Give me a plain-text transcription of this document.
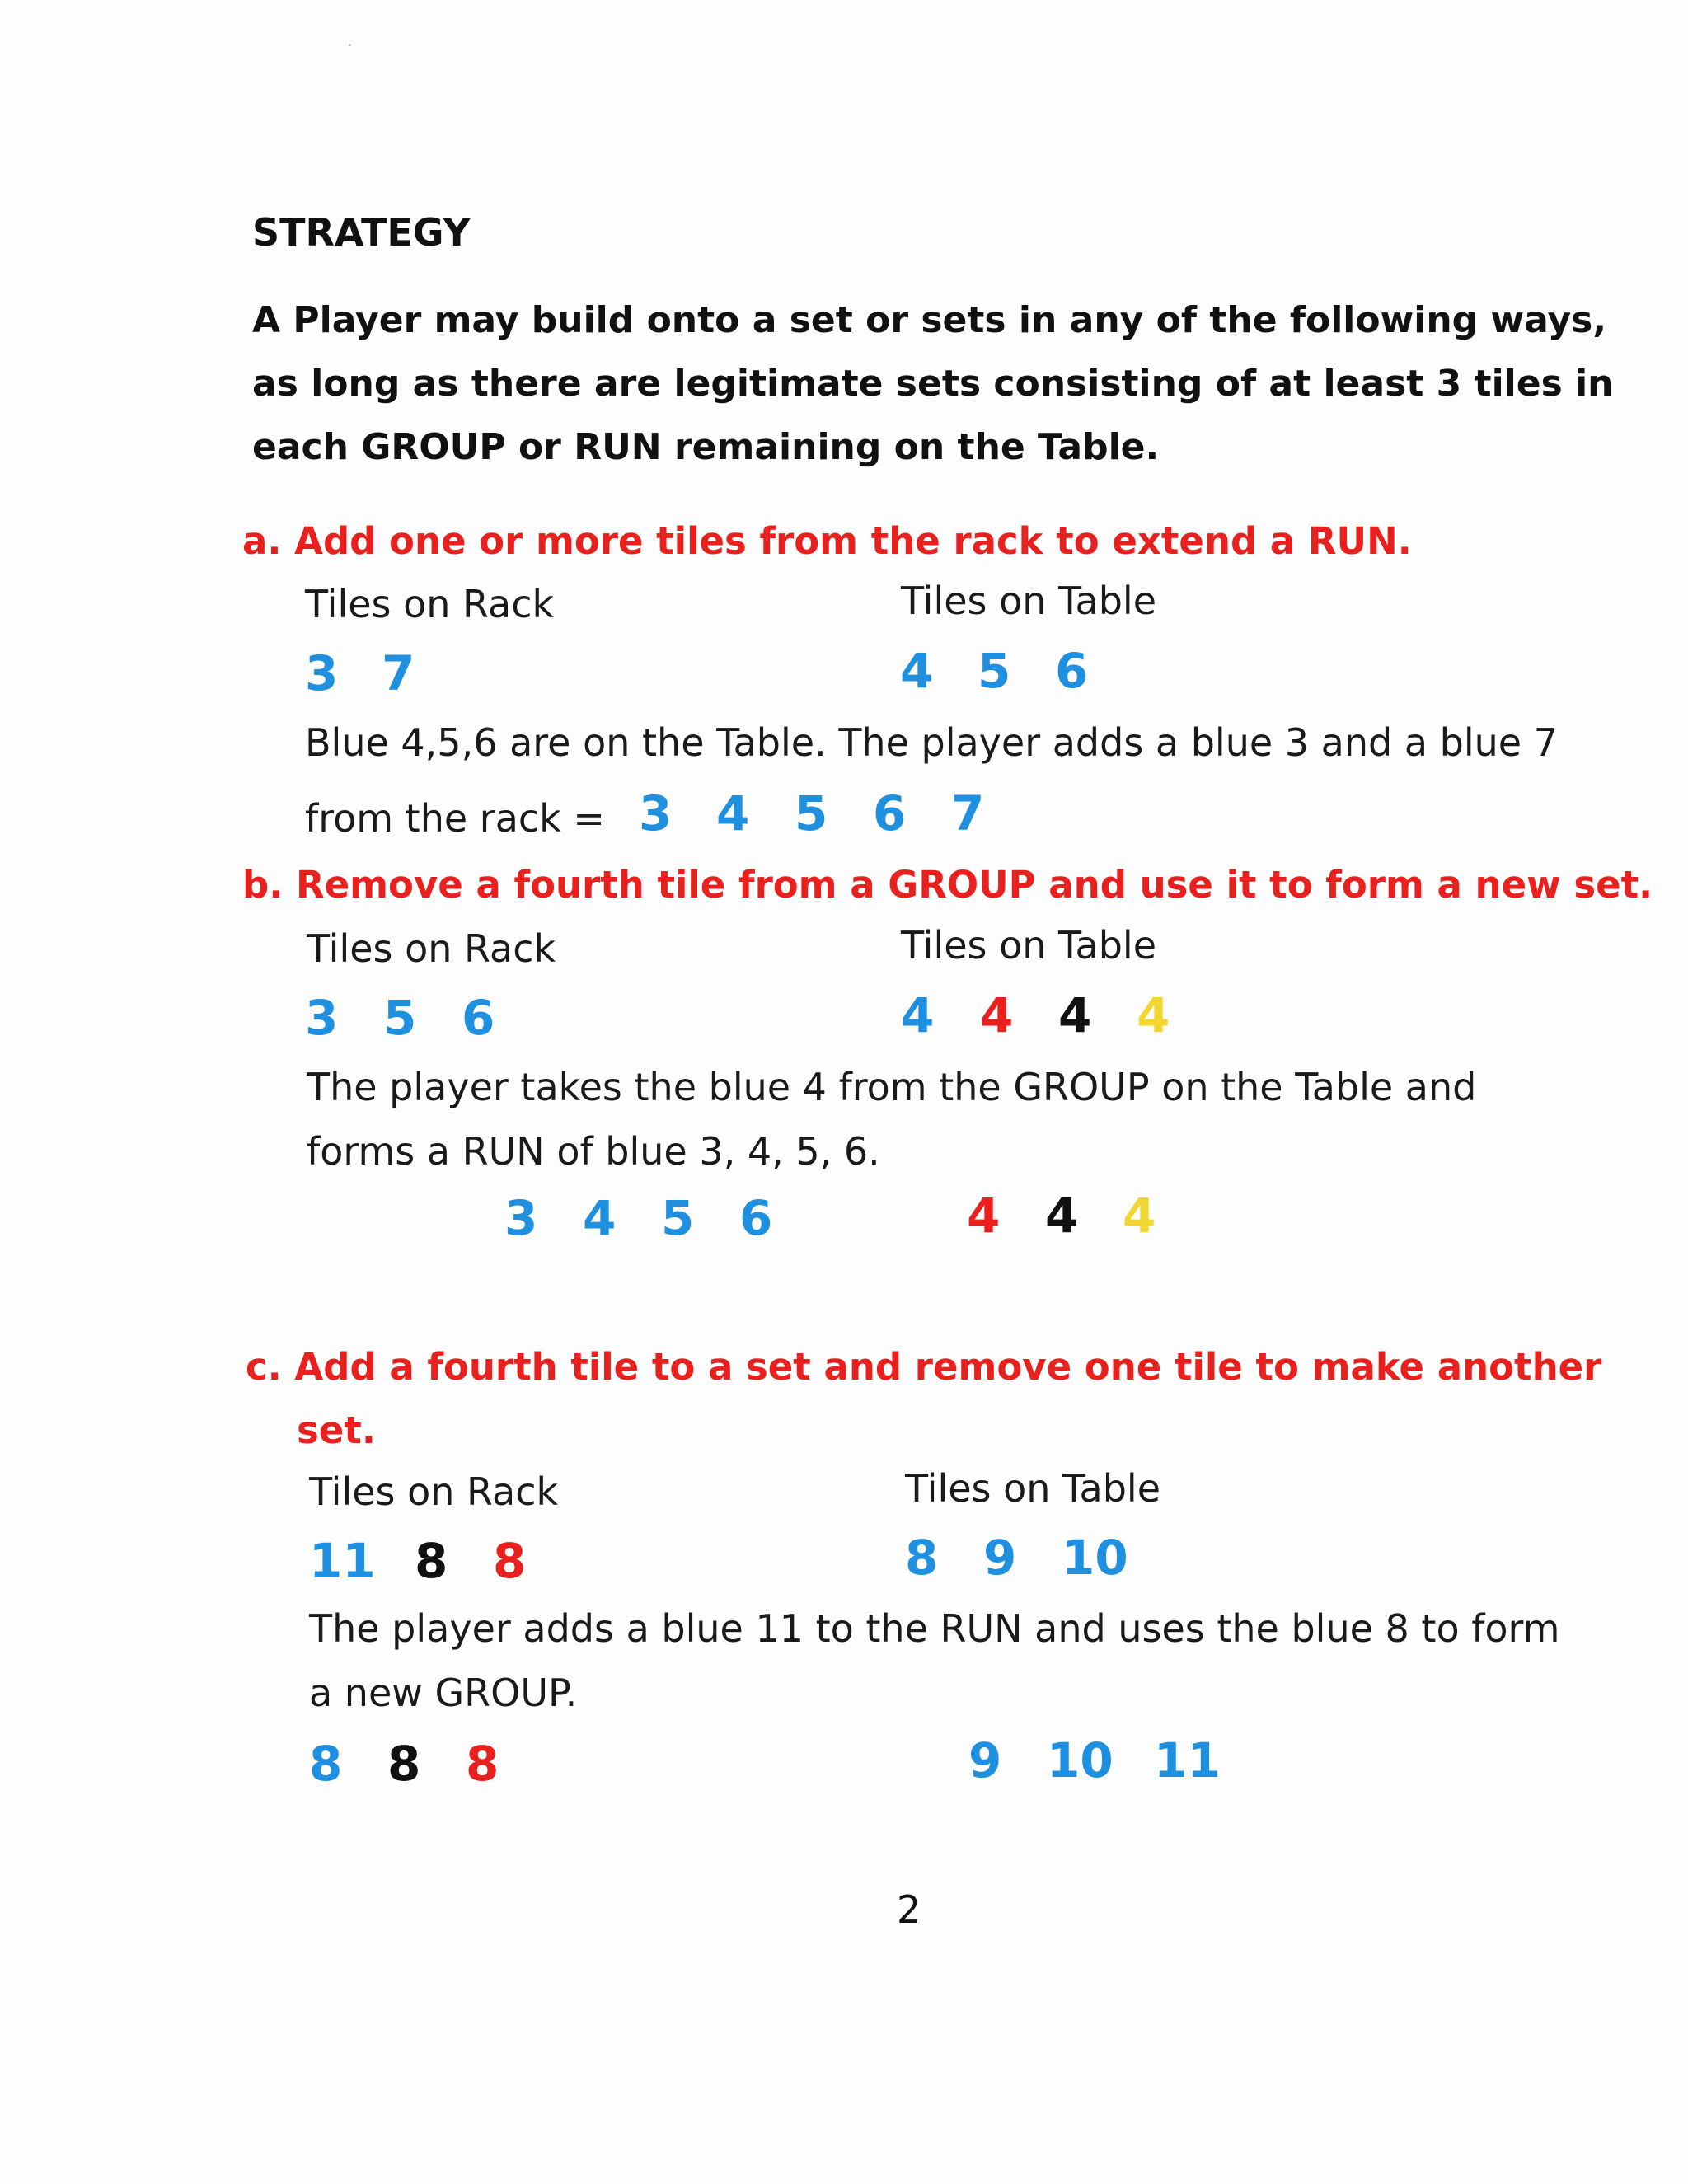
STRATEGY
A Player may build onto a set or sets in any of the following ways,
as long as there are legitimate sets consisting of at least 3 tiles in
each GROUP or RUN remaining on the Table.
a. Add one or more tiles from the rack to extend a RUN.
Tiles on Rack	Tiles on Table
3 7	4 5 6
Blue 4,5,6 are on the Table. The player adds a blue 3 and a blue 7
from the rack = 3 4 5 6 7
b. Remove a fourth tile from a GROUP and use it to form a new set.
Tiles on Rack	Tiles on Table
3 5 6	4 4 4 4
The player takes the blue 4 from the GROUP on the Table and
forms a RUN of blue 3, 4, 5, 6.
3 4 5 6	4 4 4
c. Add a fourth tile to a set and remove one tile to make another
set.
Tiles on Rack	Tiles on Table
11 8 8	8 9 10
The player adds a blue 11 to the RUN and uses the blue 8 to form
a new GROUP.
8 8 8	9 10 11
2
